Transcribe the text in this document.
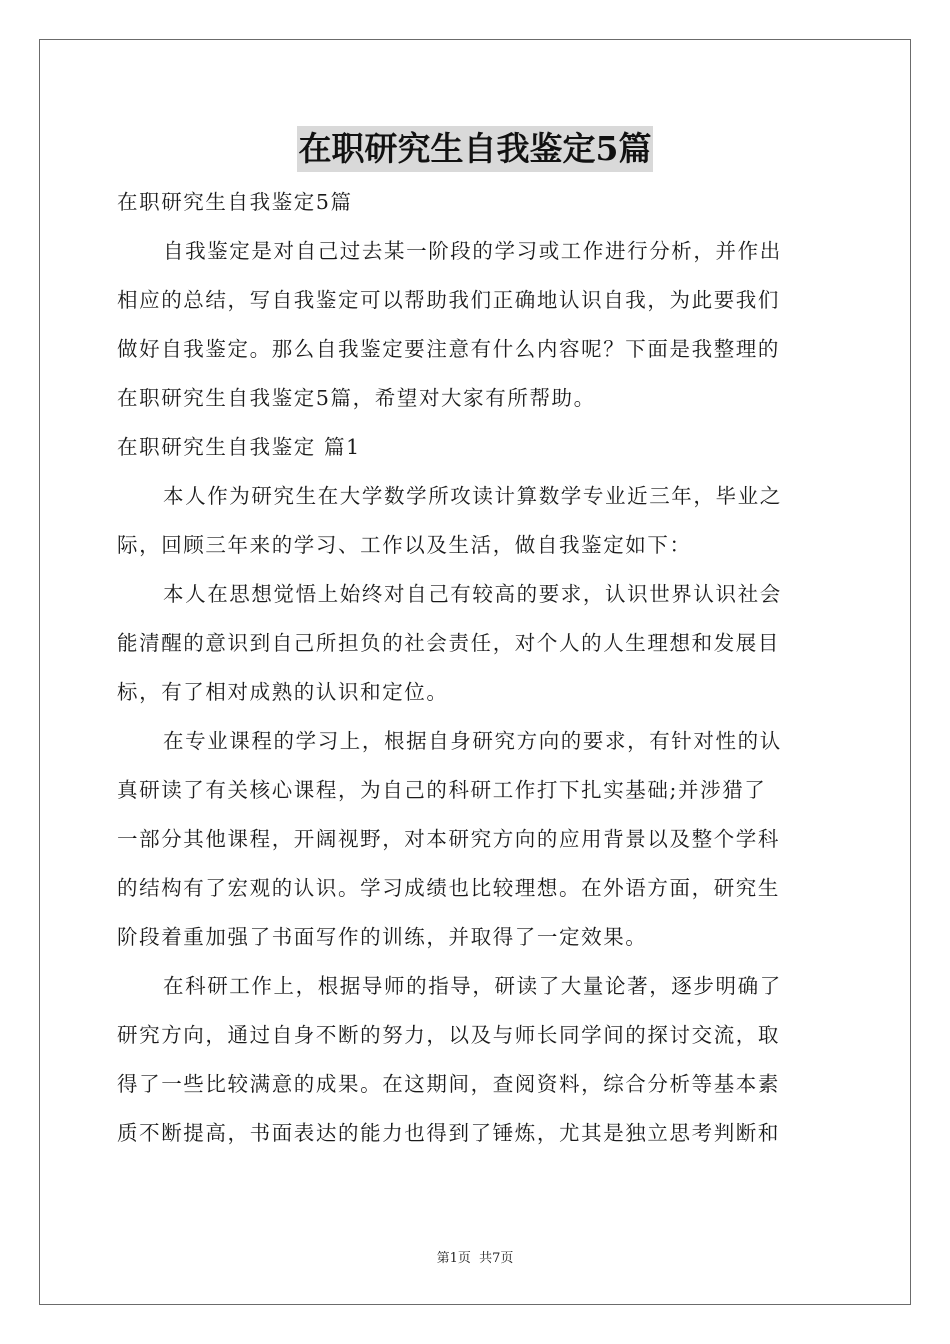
在职研究生自我鉴定5篇

在职研究生自我鉴定5篇

自我鉴定是对自己过去某一阶段的学习或工作进行分析，并作出

相应的总结，写自我鉴定可以帮助我们正确地认识自我，为此要我们

做好自我鉴定。那么自我鉴定要注意有什么内容呢？下面是我整理的

在职研究生自我鉴定5篇，希望对大家有所帮助。

在职研究生自我鉴定 篇1

本人作为研究生在大学数学所攻读计算数学专业近三年，毕业之

际，回顾三年来的学习、工作以及生活，做自我鉴定如下：

本人在思想觉悟上始终对自己有较高的要求，认识世界认识社会

能清醒的意识到自己所担负的社会责任，对个人的人生理想和发展目

标，有了相对成熟的认识和定位。

在专业课程的学习上，根据自身研究方向的要求，有针对性的认

真研读了有关核心课程，为自己的科研工作打下扎实基础;并涉猎了

一部分其他课程，开阔视野，对本研究方向的应用背景以及整个学科

的结构有了宏观的认识。学习成绩也比较理想。在外语方面，研究生

阶段着重加强了书面写作的训练，并取得了一定效果。

在科研工作上，根据导师的指导，研读了大量论著，逐步明确了

研究方向，通过自身不断的努力，以及与师长同学间的探讨交流，取

得了一些比较满意的成果。在这期间，查阅资料，综合分析等基本素

质不断提高，书面表达的能力也得到了锤炼，尤其是独立思考判断和

第1页 共7页
